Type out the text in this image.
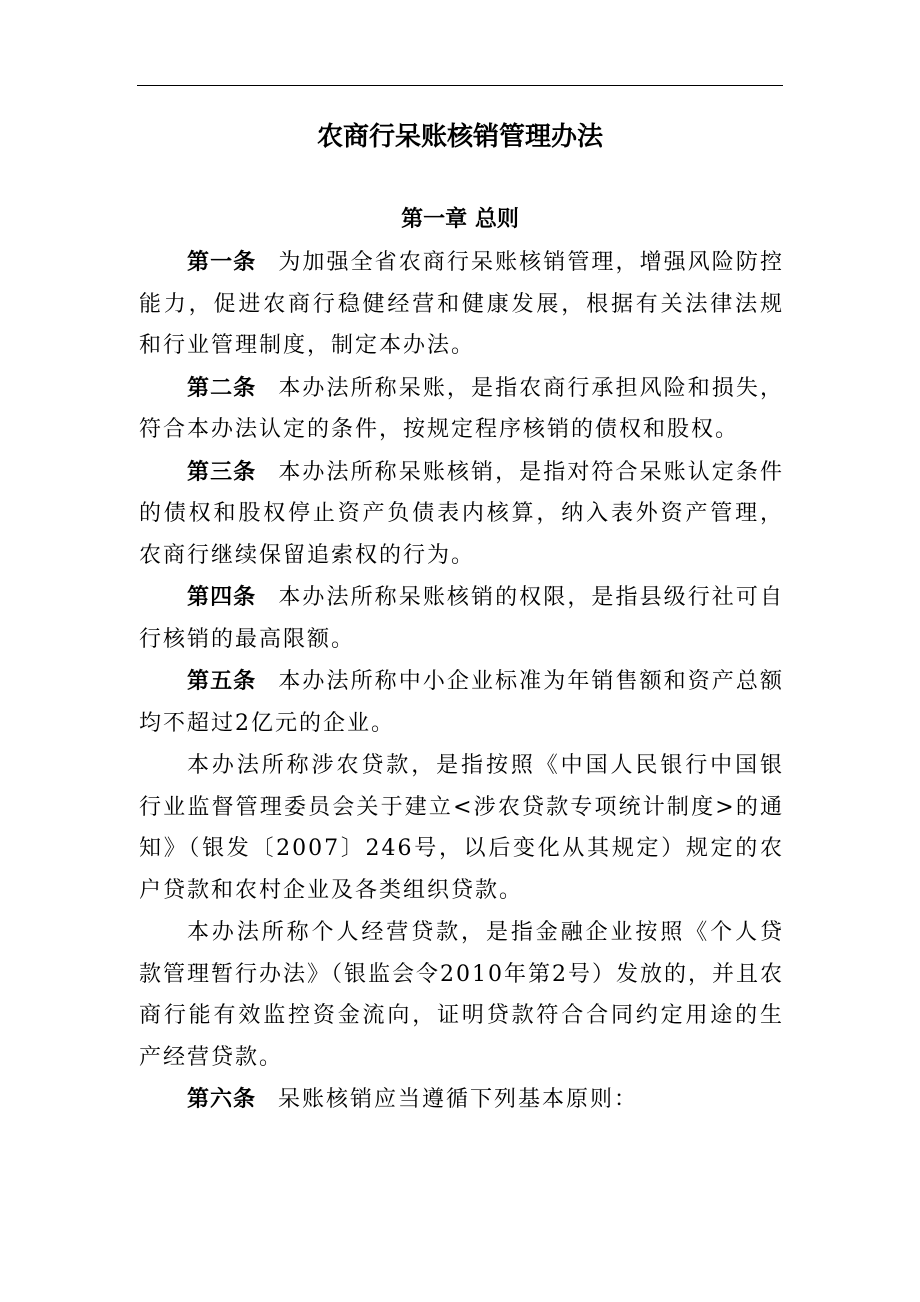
农商行呆账核销管理办法
第一章 总则

第一条 为加强全省农商行呆账核销管理，增强风险防控能力，促进农商行稳健经营和健康发展，根据有关法律法规和行业管理制度，制定本办法。

第二条 本办法所称呆账，是指农商行承担风险和损失，符合本办法认定的条件，按规定程序核销的债权和股权。

第三条 本办法所称呆账核销，是指对符合呆账认定条件的债权和股权停止资产负债表内核算，纳入表外资产管理，农商行继续保留追索权的行为。

第四条 本办法所称呆账核销的权限，是指县级行社可自行核销的最高限额。

第五条 本办法所称中小企业标准为年销售额和资产总额均不超过2亿元的企业。

本办法所称涉农贷款，是指按照《中国人民银行中国银行业监督管理委员会关于建立<涉农贷款专项统计制度>的通知》（银发〔2007〕246号，以后变化从其规定）规定的农户贷款和农村企业及各类组织贷款。

本办法所称个人经营贷款，是指金融企业按照《个人贷款管理暂行办法》（银监会令2010年第2号）发放的，并且农商行能有效监控资金流向，证明贷款符合合同约定用途的生产经营贷款。

第六条 呆账核销应当遵循下列基本原则：
